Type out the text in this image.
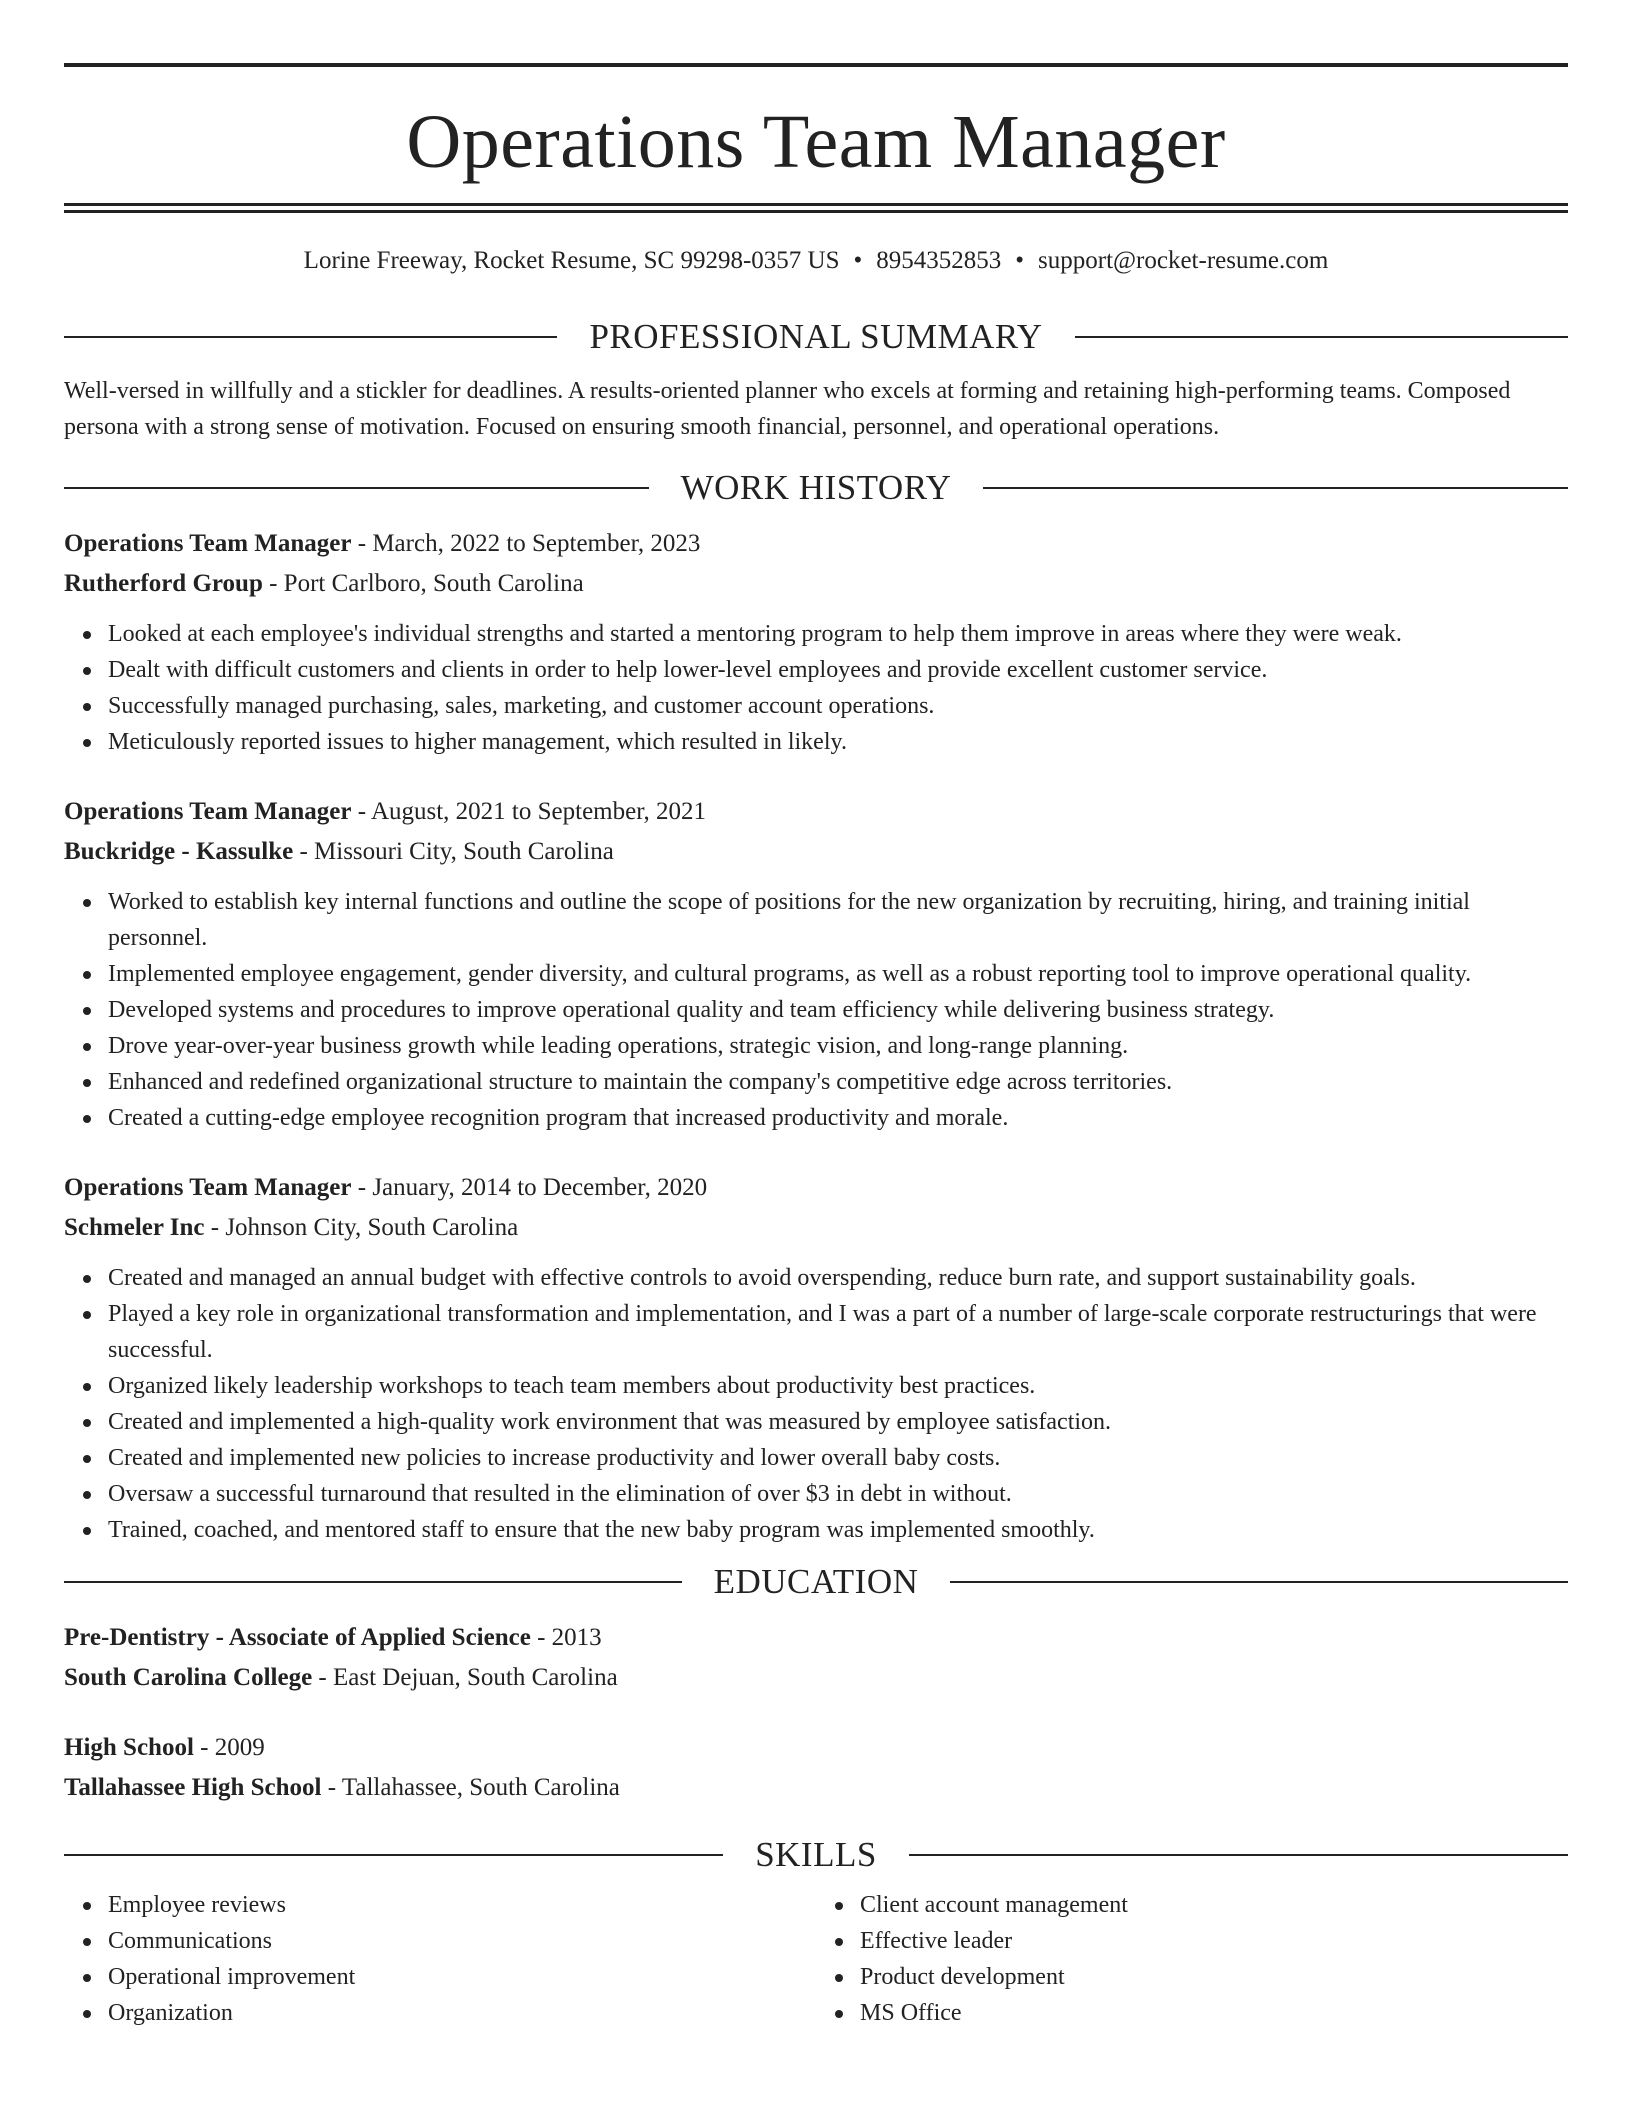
Operations Team Manager
Lorine Freeway, Rocket Resume, SC 99298-0357 US • 8954352853 • support@rocket-resume.com
PROFESSIONAL SUMMARY

Well-versed in willfully and a stickler for deadlines. A results-oriented planner who excels at forming and retaining high-performing teams. Composed persona with a strong sense of motivation. Focused on ensuring smooth financial, personnel, and operational operations.

WORK HISTORY
Operations Team Manager - March, 2022 to September, 2023
Rutherford Group - Port Carlboro, South Carolina
Looked at each employee's individual strengths and started a mentoring program to help them improve in areas where they were weak.
Dealt with difficult customers and clients in order to help lower-level employees and provide excellent customer service.
Successfully managed purchasing, sales, marketing, and customer account operations.
Meticulously reported issues to higher management, which resulted in likely.
Operations Team Manager - August, 2021 to September, 2021
Buckridge - Kassulke - Missouri City, South Carolina
Worked to establish key internal functions and outline the scope of positions for the new organization by recruiting, hiring, and training initial personnel.
Implemented employee engagement, gender diversity, and cultural programs, as well as a robust reporting tool to improve operational quality.
Developed systems and procedures to improve operational quality and team efficiency while delivering business strategy.
Drove year-over-year business growth while leading operations, strategic vision, and long-range planning.
Enhanced and redefined organizational structure to maintain the company's competitive edge across territories.
Created a cutting-edge employee recognition program that increased productivity and morale.
Operations Team Manager - January, 2014 to December, 2020
Schmeler Inc - Johnson City, South Carolina
Created and managed an annual budget with effective controls to avoid overspending, reduce burn rate, and support sustainability goals.
Played a key role in organizational transformation and implementation, and I was a part of a number of large-scale corporate restructurings that were successful.
Organized likely leadership workshops to teach team members about productivity best practices.
Created and implemented a high-quality work environment that was measured by employee satisfaction.
Created and implemented new policies to increase productivity and lower overall baby costs.
Oversaw a successful turnaround that resulted in the elimination of over $3 in debt in without.
Trained, coached, and mentored staff to ensure that the new baby program was implemented smoothly.
EDUCATION
Pre-Dentistry - Associate of Applied Science - 2013
South Carolina College - East Dejuan, South Carolina
High School - 2009
Tallahassee High School - Tallahassee, South Carolina
SKILLS
Employee reviews
Communications
Operational improvement
Organization
Client account management
Effective leader
Product development
MS Office
